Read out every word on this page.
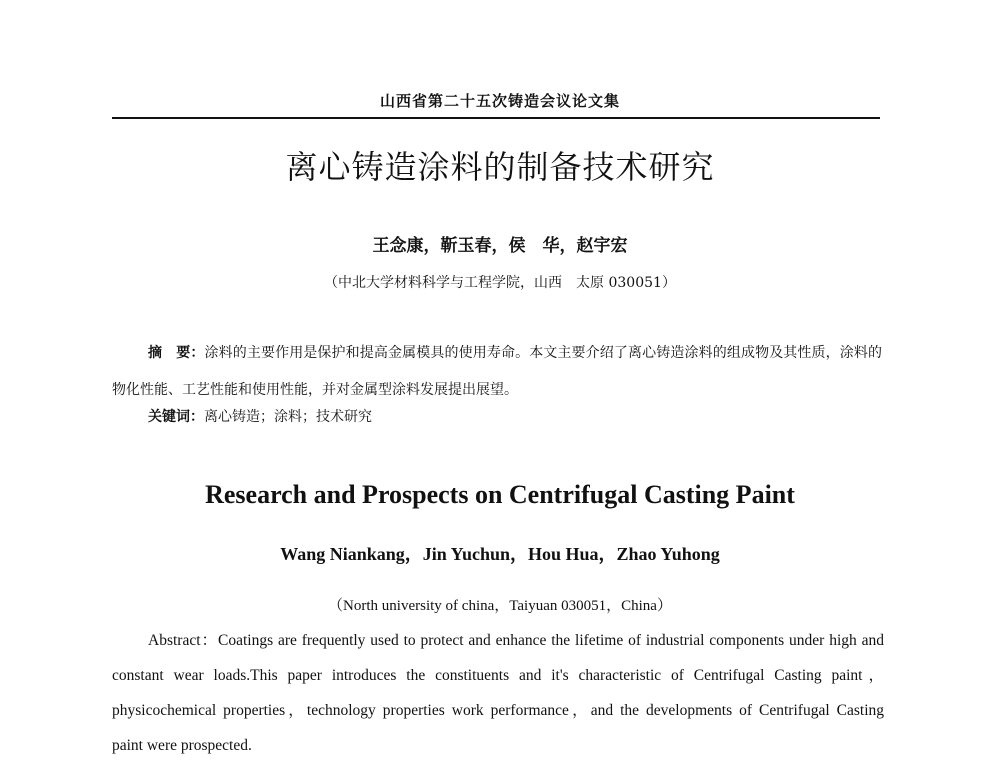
山西省第二十五次铸造会议论文集
离心铸造涂料的制备技术研究
王念康，靳玉春，侯　华，赵宇宏
（中北大学材料科学与工程学院，山西　太原 030051）
摘　要：涂料的主要作用是保护和提高金属模具的使用寿命。本文主要介绍了离心铸造涂料的组成物及其性质，涂料的物化性能、工艺性能和使用性能，并对金属型涂料发展提出展望。
关键词：离心铸造；涂料；技术研究
Research and Prospects on Centrifugal Casting Paint
Wang Niankang，Jin Yuchun，Hou Hua，Zhao Yuhong
（North university of china，Taiyuan 030051，China）
Abstract：Coatings are frequently used to protect and enhance the lifetime of industrial components under high and constant wear loads.This paper introduces the constituents and it's characteristic of Centrifugal Casting paint，physicochemical properties，technology properties work performance，and the developments of Centrifugal Casting　paint were prospected.
